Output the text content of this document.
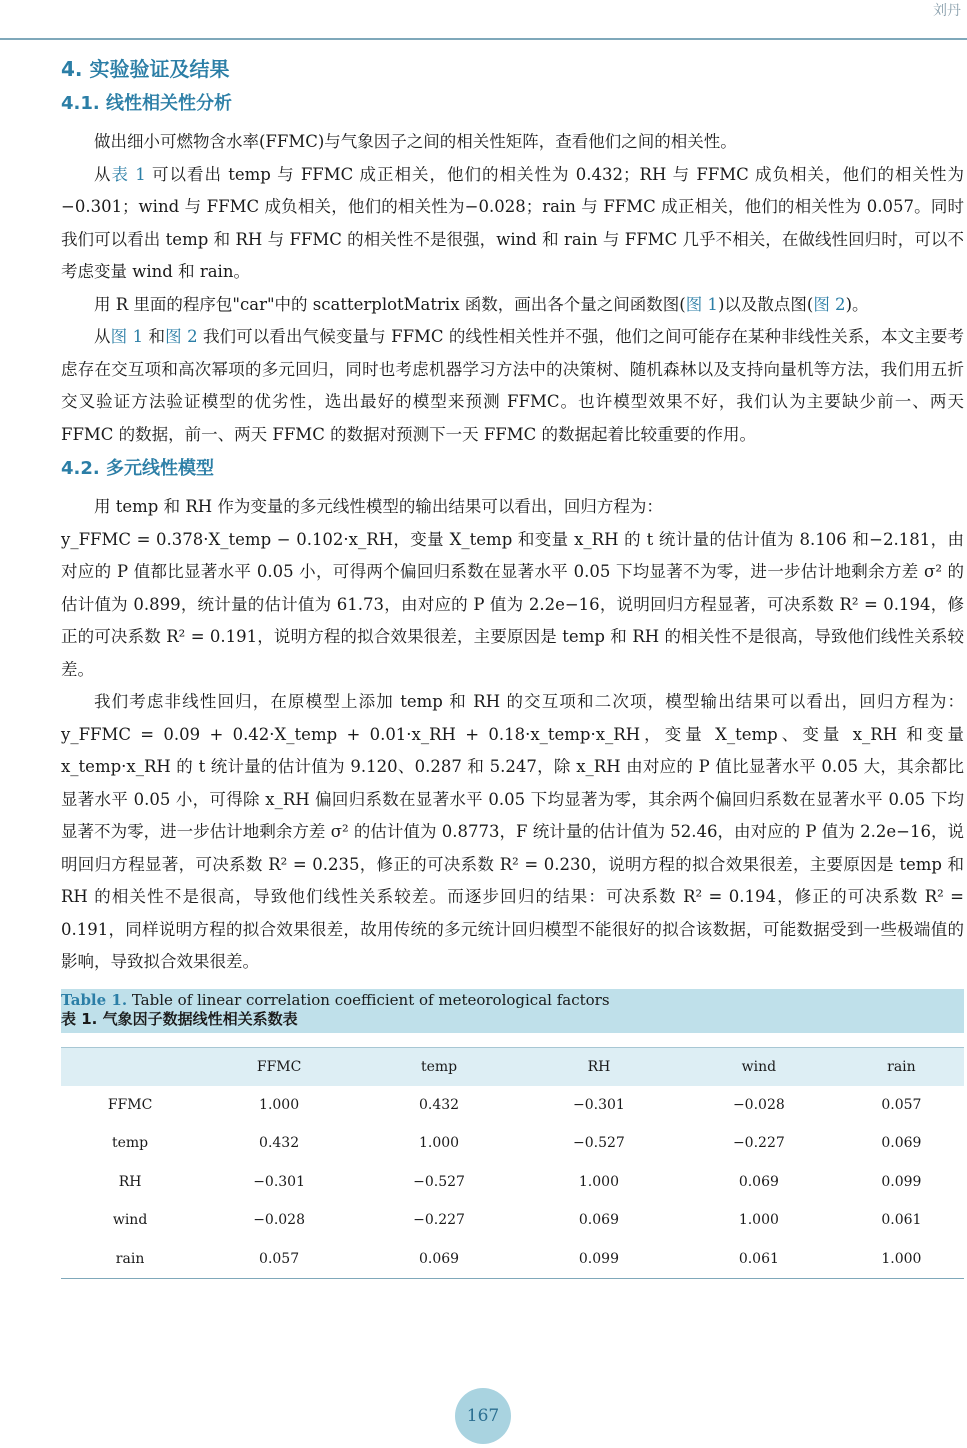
刘丹
4. 实验验证及结果
4.1. 线性相关性分析

做出细小可燃物含水率(FFMC)与气象因子之间的相关性矩阵，查看他们之间的相关性。

从表 1 可以看出 temp 与 FFMC 成正相关，他们的相关性为 0.432；RH 与 FFMC 成负相关，他们的相关性为−0.301；wind 与 FFMC 成负相关，他们的相关性为−0.028；rain 与 FFMC 成正相关，他们的相关性为 0.057。同时我们可以看出 temp 和 RH 与 FFMC 的相关性不是很强，wind 和 rain 与 FFMC 几乎不相关，在做线性回归时，可以不考虑变量 wind 和 rain。

用 R 里面的程序包"car"中的 scatterplotMatrix 函数，画出各个量之间函数图(图 1)以及散点图(图 2)。

从图 1 和图 2 我们可以看出气候变量与 FFMC 的线性相关性并不强，他们之间可能存在某种非线性关系，本文主要考虑存在交互项和高次幂项的多元回归，同时也考虑机器学习方法中的决策树、随机森林以及支持向量机等方法，我们用五折交叉验证方法验证模型的优劣性，选出最好的模型来预测 FFMC。也许模型效果不好，我们认为主要缺少前一、两天 FFMC 的数据，前一、两天 FFMC 的数据对预测下一天 FFMC 的数据起着比较重要的作用。

4.2. 多元线性模型

用 temp 和 RH 作为变量的多元线性模型的输出结果可以看出，回归方程为：

y_FFMC = 0.378·X_temp − 0.102·x_RH，变量 X_temp 和变量 x_RH 的 t 统计量的估计值为 8.106 和−2.181，由对应的 P 值都比显著水平 0.05 小，可得两个偏回归系数在显著水平 0.05 下均显著不为零，进一步估计地剩余方差 σ² 的估计值为 0.899，统计量的估计值为 61.73，由对应的 P 值为 2.2e−16，说明回归方程显著，可决系数 R² = 0.194，修正的可决系数 R² = 0.191，说明方程的拟合效果很差，主要原因是 temp 和 RH 的相关性不是很高，导致他们线性关系较差。

我们考虑非线性回归，在原模型上添加 temp 和 RH 的交互项和二次项，模型输出结果可以看出，回归方程为：y_FFMC = 0.09 + 0.42·X_temp + 0.01·x_RH + 0.18·x_temp·x_RH，变量 X_temp、变量 x_RH 和变量 x_temp·x_RH 的 t 统计量的估计值为 9.120、0.287 和 5.247，除 x_RH 由对应的 P 值比显著水平 0.05 大，其余都比显著水平 0.05 小，可得除 x_RH 偏回归系数在显著水平 0.05 下均显著为零，其余两个偏回归系数在显著水平 0.05 下均显著不为零，进一步估计地剩余方差 σ² 的估计值为 0.8773，F 统计量的估计值为 52.46，由对应的 P 值为 2.2e−16，说明回归方程显著，可决系数 R² = 0.235，修正的可决系数 R² = 0.230，说明方程的拟合效果很差，主要原因是 temp 和 RH 的相关性不是很高，导致他们线性关系较差。而逐步回归的结果：可决系数 R² = 0.194，修正的可决系数 R² = 0.191，同样说明方程的拟合效果很差，故用传统的多元统计回归模型不能很好的拟合该数据，可能数据受到一些极端值的影响，导致拟合效果很差。

Table 1. Table of linear correlation coefficient of meteorological factors
表 1. 气象因子数据线性相关系数表
	FFMC	temp	RH	wind	rain
FFMC	1.000	0.432	−0.301	−0.028	0.057
temp	0.432	1.000	−0.527	−0.227	0.069
RH	−0.301	−0.527	1.000	0.069	0.099
wind	−0.028	−0.227	0.069	1.000	0.061
rain	0.057	0.069	0.099	0.061	1.000
167
